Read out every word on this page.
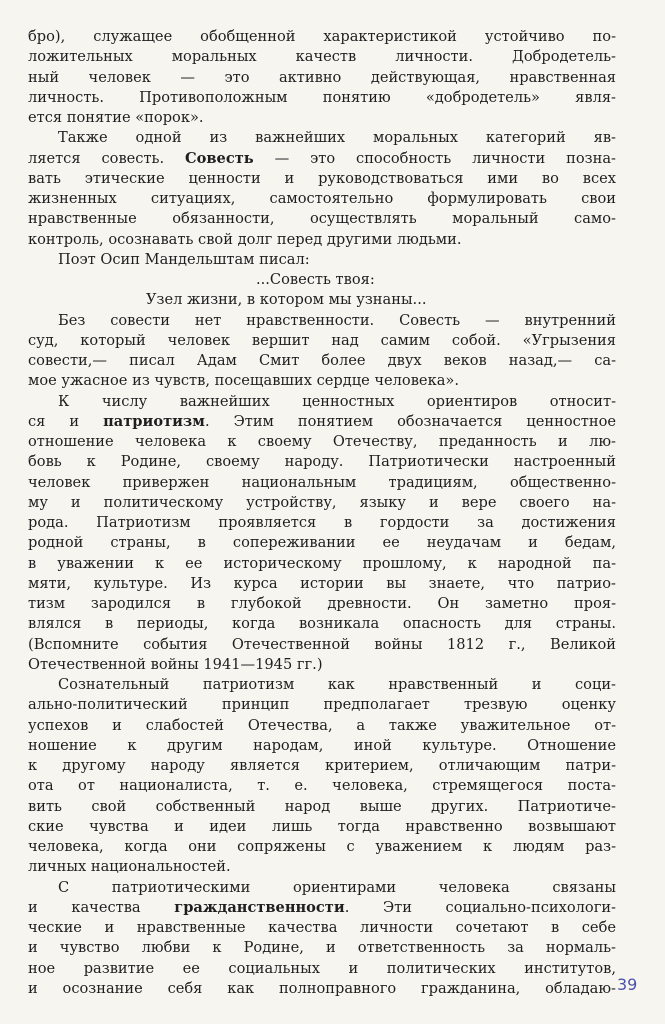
бро), служащее обобщенной характеристикой устойчиво по-
ложительных моральных качеств личности. Добродетель-
ный человек — это активно действующая, нравственная
личность. Противоположным понятию «добродетель» явля-
ется понятие «порок».
Также одной из важнейших моральных категорий яв-
ляется совесть. Совесть — это способность личности позна-
вать этические ценности и руководствоваться ими во всех
жизненных ситуациях, самостоятельно формулировать свои
нравственные обязанности, осуществлять моральный само-
контроль, осознавать свой долг перед другими людьми.
Поэт Осип Мандельштам писал:
...Совесть твоя:
Узел жизни, в котором мы узнаны...
Без совести нет нравственности. Совесть — внутренний
суд, который человек вершит над самим собой. «Угрызения
совести,— писал Адам Смит более двух веков назад,— са-
мое ужасное из чувств, посещавших сердце человека».
К числу важнейших ценностных ориентиров относит-
ся и патриотизм. Этим понятием обозначается ценностное
отношение человека к своему Отечеству, преданность и лю-
бовь к Родине, своему народу. Патриотически настроенный
человек привержен национальным традициям, общественно-
му и политическому устройству, языку и вере своего на-
рода. Патриотизм проявляется в гордости за достижения
родной страны, в сопереживании ее неудачам и бедам,
в уважении к ее историческому прошлому, к народной па-
мяти, культуре. Из курса истории вы знаете, что патрио-
тизм зародился в глубокой древности. Он заметно проя-
влялся в периоды, когда возникала опасность для страны.
(Вспомните события Отечественной войны 1812 г., Великой
Отечественной войны 1941—1945 гг.)
Сознательный патриотизм как нравственный и соци-
ально-политический принцип предполагает трезвую оценку
успехов и слабостей Отечества, а также уважительное от-
ношение к другим народам, иной культуре. Отношение
к другому народу является критерием, отличающим патри-
ота от националиста, т. е. человека, стремящегося поста-
вить свой собственный народ выше других. Патриотиче-
ские чувства и идеи лишь тогда нравственно возвышают
человека, когда они сопряжены с уважением к людям раз-
личных национальностей.
С патриотическими ориентирами человека связаны
и качества гражданственности. Эти социально-психологи-
ческие и нравственные качества личности сочетают в себе
и чувство любви к Родине, и ответственность за нормаль-
ное развитие ее социальных и политических институтов,
и осознание себя как полноправного гражданина, обладаю- 39
